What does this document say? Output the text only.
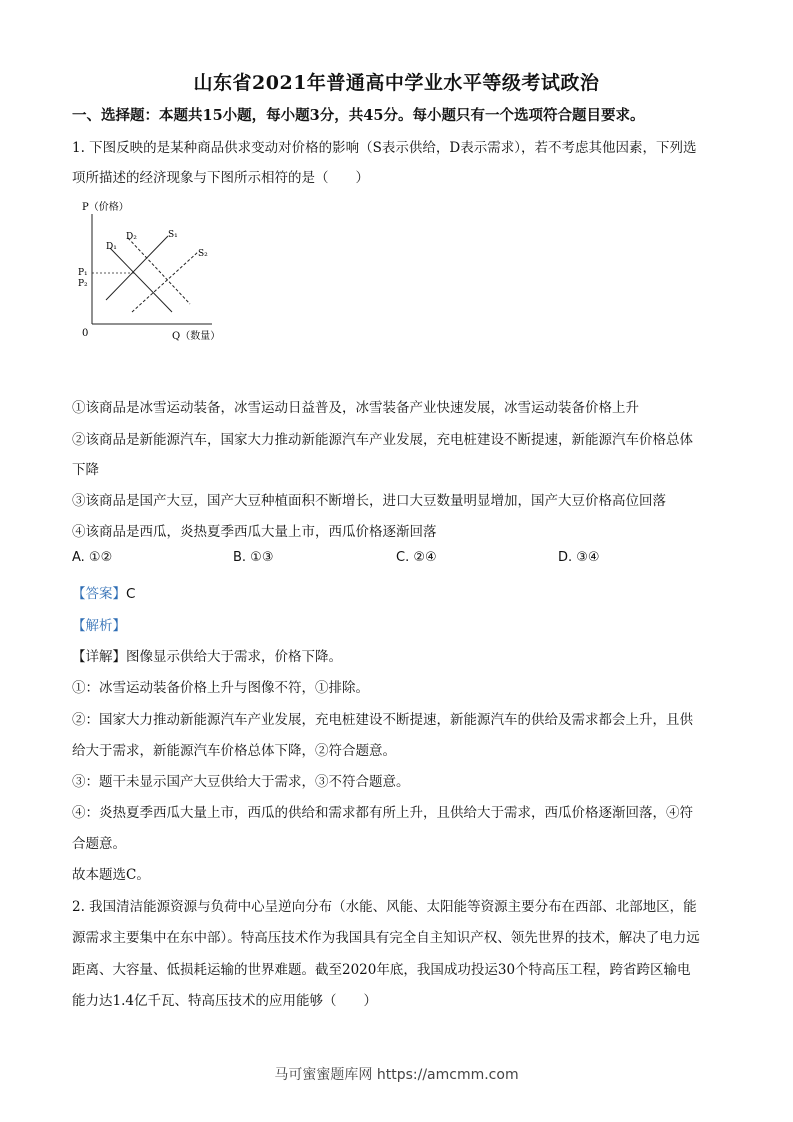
山东省2021年普通高中学业水平等级考试政治
一、选择题：本题共15小题，每小题3分，共45分。每小题只有一个选项符合题目要求。
1. 下图反映的是某种商品供求变动对价格的影响（S表示供给，D表示需求），若不考虑其他因素，下列选
项所描述的经济现象与下图所示相符的是（　　）
P（价格）
Q（数量）
0
P₁
P₂
D₁
D₂	S₁
S₂
①该商品是冰雪运动装备，冰雪运动日益普及，冰雪装备产业快速发展，冰雪运动装备价格上升
②该商品是新能源汽车，国家大力推动新能源汽车产业发展，充电桩建设不断提速，新能源汽车价格总体
下降
③该商品是国产大豆，国产大豆种植面积不断增长，进口大豆数量明显增加，国产大豆价格高位回落
④该商品是西瓜，炎热夏季西瓜大量上市，西瓜价格逐渐回落
A. ①②	B. ①③	C. ②④	D. ③④
【答案】C
【解析】
【详解】图像显示供给大于需求，价格下降。
①：冰雪运动装备价格上升与图像不符，①排除。
②：国家大力推动新能源汽车产业发展，充电桩建设不断提速，新能源汽车的供给及需求都会上升，且供
给大于需求，新能源汽车价格总体下降，②符合题意。
③：题干未显示国产大豆供给大于需求，③不符合题意。
④：炎热夏季西瓜大量上市，西瓜的供给和需求都有所上升，且供给大于需求，西瓜价格逐渐回落，④符
合题意。
故本题选C。
2. 我国清洁能源资源与负荷中心呈逆向分布（水能、风能、太阳能等资源主要分布在西部、北部地区，能
源需求主要集中在东中部）。特高压技术作为我国具有完全自主知识产权、领先世界的技术，解决了电力远
距离、大容量、低损耗运输的世界难题。截至2020年底，我国成功投运30个特高压工程，跨省跨区输电
能力达1.4亿千瓦、特高压技术的应用能够（　　）
马可蜜蜜题库网 https://amcmm.com
